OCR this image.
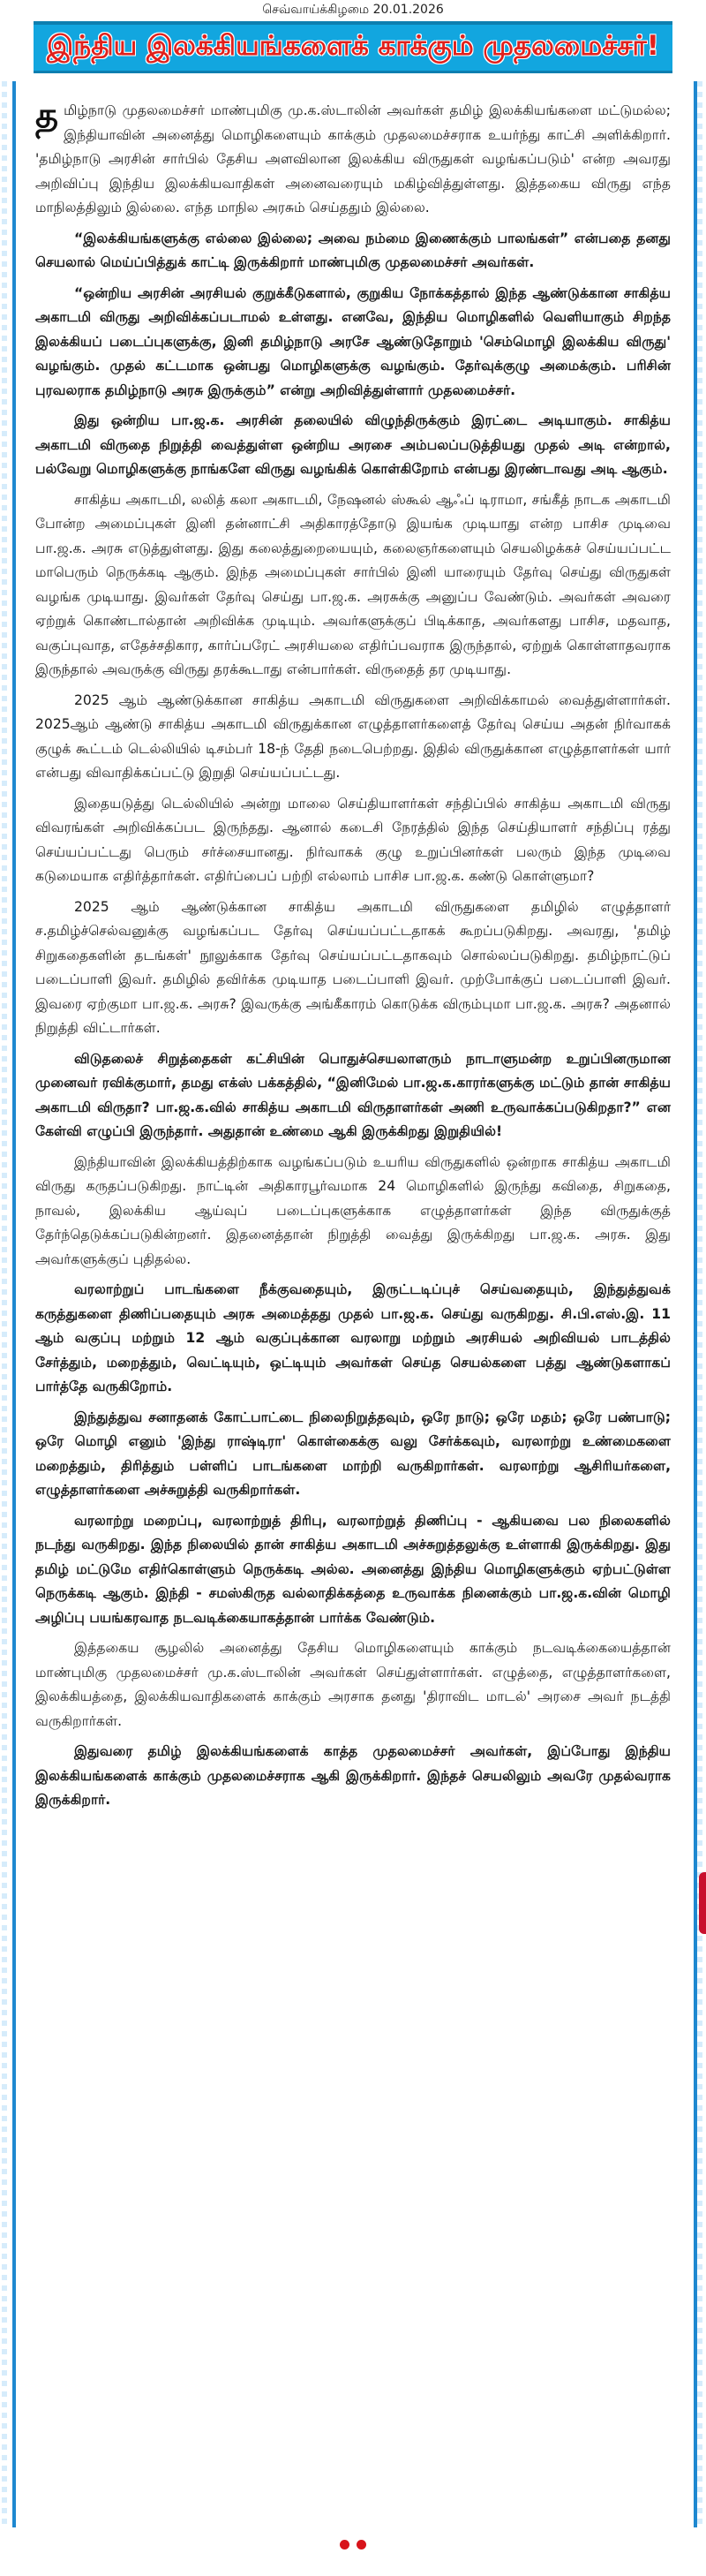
செவ்வாய்க்கிழமை 20.01.2026
இந்திய இலக்கியங்களைக் காக்கும் முதலமைச்சர்!

தமிழ்நாடு முதலமைச்சர் மாண்புமிகு மு.க.ஸ்டாலின் அவர்கள் தமிழ் இலக்கியங்களை மட்டுமல்ல; இந்தியாவின் அனைத்து மொழிகளையும் காக்கும் முதலமைச்சராக உயர்ந்து காட்சி அளிக்கிறார். 'தமிழ்நாடு அரசின் சார்பில் தேசிய அளவிலான இலக்கிய விருதுகள் வழங்கப்படும்' என்ற அவரது அறிவிப்பு இந்திய இலக்கியவாதிகள் அனைவரையும் மகிழ்வித்துள்ளது. இத்தகைய விருது எந்த மாநிலத்திலும் இல்லை. எந்த மாநில அரசும் செய்ததும் இல்லை.

“இலக்கியங்களுக்கு எல்லை இல்லை; அவை நம்மை இணைக்கும் பாலங்கள்” என்பதை தனது செயலால் மெய்ப்பித்துக் காட்டி இருக்கிறார் மாண்புமிகு முதலமைச்சர் அவர்கள்.

“ஒன்றிய அரசின் அரசியல் குறுக்கீடுகளால், குறுகிய நோக்கத்தால் இந்த ஆண்டுக்கான சாகித்ய அகாடமி விருது அறிவிக்கப்படாமல் உள்ளது. எனவே, இந்திய மொழிகளில் வெளியாகும் சிறந்த இலக்கியப் படைப்புகளுக்கு, இனி தமிழ்நாடு அரசே ஆண்டுதோறும் 'செம்மொழி இலக்கிய விருது' வழங்கும். முதல் கட்டமாக ஒன்பது மொழிகளுக்கு வழங்கும். தேர்வுக்குழு அமைக்கும். பரிசின் புரவலராக தமிழ்நாடு அரசு இருக்கும்” என்று அறிவித்துள்ளார் முதலமைச்சர்.

இது ஒன்றிய பா.ஜ.க. அரசின் தலையில் விழுந்திருக்கும் இரட்டை அடியாகும். சாகித்ய அகாடமி விருதை நிறுத்தி வைத்துள்ள ஒன்றிய அரசை அம்பலப்படுத்தியது முதல் அடி என்றால், பல்வேறு மொழிகளுக்கு நாங்களே விருது வழங்கிக் கொள்கிறோம் என்பது இரண்டாவது அடி ஆகும்.

சாகித்ய அகாடமி, லலித் கலா அகாடமி, நேஷனல் ஸ்கூல் ஆஃப் டிராமா, சங்கீத் நாடக அகாடமி போன்ற அமைப்புகள் இனி தன்னாட்சி அதிகாரத்தோடு இயங்க முடியாது என்ற பாசிச முடிவை பா.ஜ.க. அரசு எடுத்துள்ளது. இது கலைத்துறையையும், கலைஞர்களையும் செயலிழக்கச் செய்யப்பட்ட மாபெரும் நெருக்கடி ஆகும். இந்த அமைப்புகள் சார்பில் இனி யாரையும் தேர்வு செய்து விருதுகள் வழங்க முடியாது. இவர்கள் தேர்வு செய்து பா.ஜ.க. அரசுக்கு அனுப்ப வேண்டும். அவர்கள் அவரை ஏற்றுக் கொண்டால்தான் அறிவிக்க முடியும். அவர்களுக்குப் பிடிக்காத, அவர்களது பாசிச, மதவாத, வகுப்புவாத, எதேச்சதிகார, கார்ப்பரேட் அரசியலை எதிர்ப்பவராக இருந்தால், ஏற்றுக் கொள்ளாதவராக இருந்தால் அவருக்கு விருது தரக்கூடாது என்பார்கள். விருதைத் தர முடியாது.

2025 ஆம் ஆண்டுக்கான சாகித்ய அகாடமி விருதுகளை அறிவிக்காமல் வைத்துள்ளார்கள். 2025ஆம் ஆண்டு சாகித்ய அகாடமி விருதுக்கான எழுத்தாளர்களைத் தேர்வு செய்ய அதன் நிர்வாகக் குழுக் கூட்டம் டெல்லியில் டிசம்பர் 18-ந் தேதி நடைபெற்றது. இதில் விருதுக்கான எழுத்தாளர்கள் யார் என்பது விவாதிக்கப்பட்டு இறுதி செய்யப்பட்டது.

இதையடுத்து டெல்லியில் அன்று மாலை செய்தியாளர்கள் சந்திப்பில் சாகித்ய அகாடமி விருது விவரங்கள் அறிவிக்கப்பட இருந்தது. ஆனால் கடைசி நேரத்தில் இந்த செய்தியாளர் சந்திப்பு ரத்து செய்யப்பட்டது பெரும் சர்ச்சையானது. நிர்வாகக் குழு உறுப்பினர்கள் பலரும் இந்த முடிவை கடுமையாக எதிர்த்தார்கள். எதிர்ப்பைப் பற்றி எல்லாம் பாசிச பா.ஜ.க. கண்டு கொள்ளுமா?

2025 ஆம் ஆண்டுக்கான சாகித்ய அகாடமி விருதுகளை தமிழில் எழுத்தாளர் ச.தமிழ்ச்செல்வனுக்கு வழங்கப்பட தேர்வு செய்யப்பட்டதாகக் கூறப்படுகிறது. அவரது, 'தமிழ் சிறுகதைகளின் தடங்கள்' நூலுக்காக தேர்வு செய்யப்பட்டதாகவும் சொல்லப்படுகிறது. தமிழ்நாட்டுப் படைப்பாளி இவர். தமிழில் தவிர்க்க முடியாத படைப்பாளி இவர். முற்போக்குப் படைப்பாளி இவர். இவரை ஏற்குமா பா.ஜ.க. அரசு? இவருக்கு அங்கீகாரம் கொடுக்க விரும்புமா பா.ஜ.க. அரசு? அதனால் நிறுத்தி விட்டார்கள்.

விடுதலைச் சிறுத்தைகள் கட்சியின் பொதுச்செயலாளரும் நாடாளுமன்ற உறுப்பினருமான முனைவர் ரவிக்குமார், தமது எக்ஸ் பக்கத்தில், “இனிமேல் பா.ஜ.க.காரர்களுக்கு மட்டும் தான் சாகித்ய அகாடமி விருதா? பா.ஜ.க.வில் சாகித்ய அகாடமி விருதாளர்கள் அணி உருவாக்கப்படுகிறதா?” என கேள்வி எழுப்பி இருந்தார். அதுதான் உண்மை ஆகி இருக்கிறது இறுதியில்!

இந்தியாவின் இலக்கியத்திற்காக வழங்கப்படும் உயரிய விருதுகளில் ஒன்றாக சாகித்ய அகாடமி விருது கருதப்படுகிறது. நாட்டின் அதிகாரபூர்வமாக 24 மொழிகளில் இருந்து கவிதை, சிறுகதை, நாவல், இலக்கிய ஆய்வுப் படைப்புகளுக்காக எழுத்தாளர்கள் இந்த விருதுக்குத் தேர்ந்தெடுக்கப்படுகின்றனர். இதனைத்தான் நிறுத்தி வைத்து இருக்கிறது பா.ஜ.க. அரசு. இது அவர்களுக்குப் புதிதல்ல.

வரலாற்றுப் பாடங்களை நீக்குவதையும், இருட்டடிப்புச் செய்வதையும், இந்துத்துவக் கருத்துகளை திணிப்பதையும் அரசு அமைத்தது முதல் பா.ஜ.க. செய்து வருகிறது. சி.பி.எஸ்.இ. 11 ஆம் வகுப்பு மற்றும் 12 ஆம் வகுப்புக்கான வரலாறு மற்றும் அரசியல் அறிவியல் பாடத்தில் சேர்த்தும், மறைத்தும், வெட்டியும், ஒட்டியும் அவர்கள் செய்த செயல்களை பத்து ஆண்டுகளாகப் பார்த்தே வருகிறோம்.

இந்துத்துவ சனாதனக் கோட்பாட்டை நிலைநிறுத்தவும், ஒரே நாடு; ஒரே மதம்; ஒரே பண்பாடு; ஒரே மொழி எனும் 'இந்து ராஷ்டிரா' கொள்கைக்கு வலு சேர்க்கவும், வரலாற்று உண்மைகளை மறைத்தும், திரித்தும் பள்ளிப் பாடங்களை மாற்றி வருகிறார்கள். வரலாற்று ஆசிரியர்களை, எழுத்தாளர்களை அச்சுறுத்தி வருகிறார்கள்.

வரலாற்று மறைப்பு, வரலாற்றுத் திரிபு, வரலாற்றுத் திணிப்பு - ஆகியவை பல நிலைகளில் நடந்து வருகிறது. இந்த நிலையில் தான் சாகித்ய அகாடமி அச்சுறுத்தலுக்கு உள்ளாகி இருக்கிறது. இது தமிழ் மட்டுமே எதிர்கொள்ளும் நெருக்கடி அல்ல. அனைத்து இந்திய மொழிகளுக்கும் ஏற்பட்டுள்ள நெருக்கடி ஆகும். இந்தி - சமஸ்கிருத வல்லாதிக்கத்தை உருவாக்க நினைக்கும் பா.ஜ.க.வின் மொழி அழிப்பு பயங்கரவாத நடவடிக்கையாகத்தான் பார்க்க வேண்டும்.

இத்தகைய சூழலில் அனைத்து தேசிய மொழிகளையும் காக்கும் நடவடிக்கையைத்தான் மாண்புமிகு முதலமைச்சர் மு.க.ஸ்டாலின் அவர்கள் செய்துள்ளார்கள். எழுத்தை, எழுத்தாளர்களை, இலக்கியத்தை, இலக்கியவாதிகளைக் காக்கும் அரசாக தனது 'திராவிட மாடல்' அரசை அவர் நடத்தி வருகிறார்கள்.

இதுவரை தமிழ் இலக்கியங்களைக் காத்த முதலமைச்சர் அவர்கள், இப்போது இந்திய இலக்கியங்களைக் காக்கும் முதலமைச்சராக ஆகி இருக்கிறார். இந்தச் செயலிலும் அவரே முதல்வராக இருக்கிறார்.
